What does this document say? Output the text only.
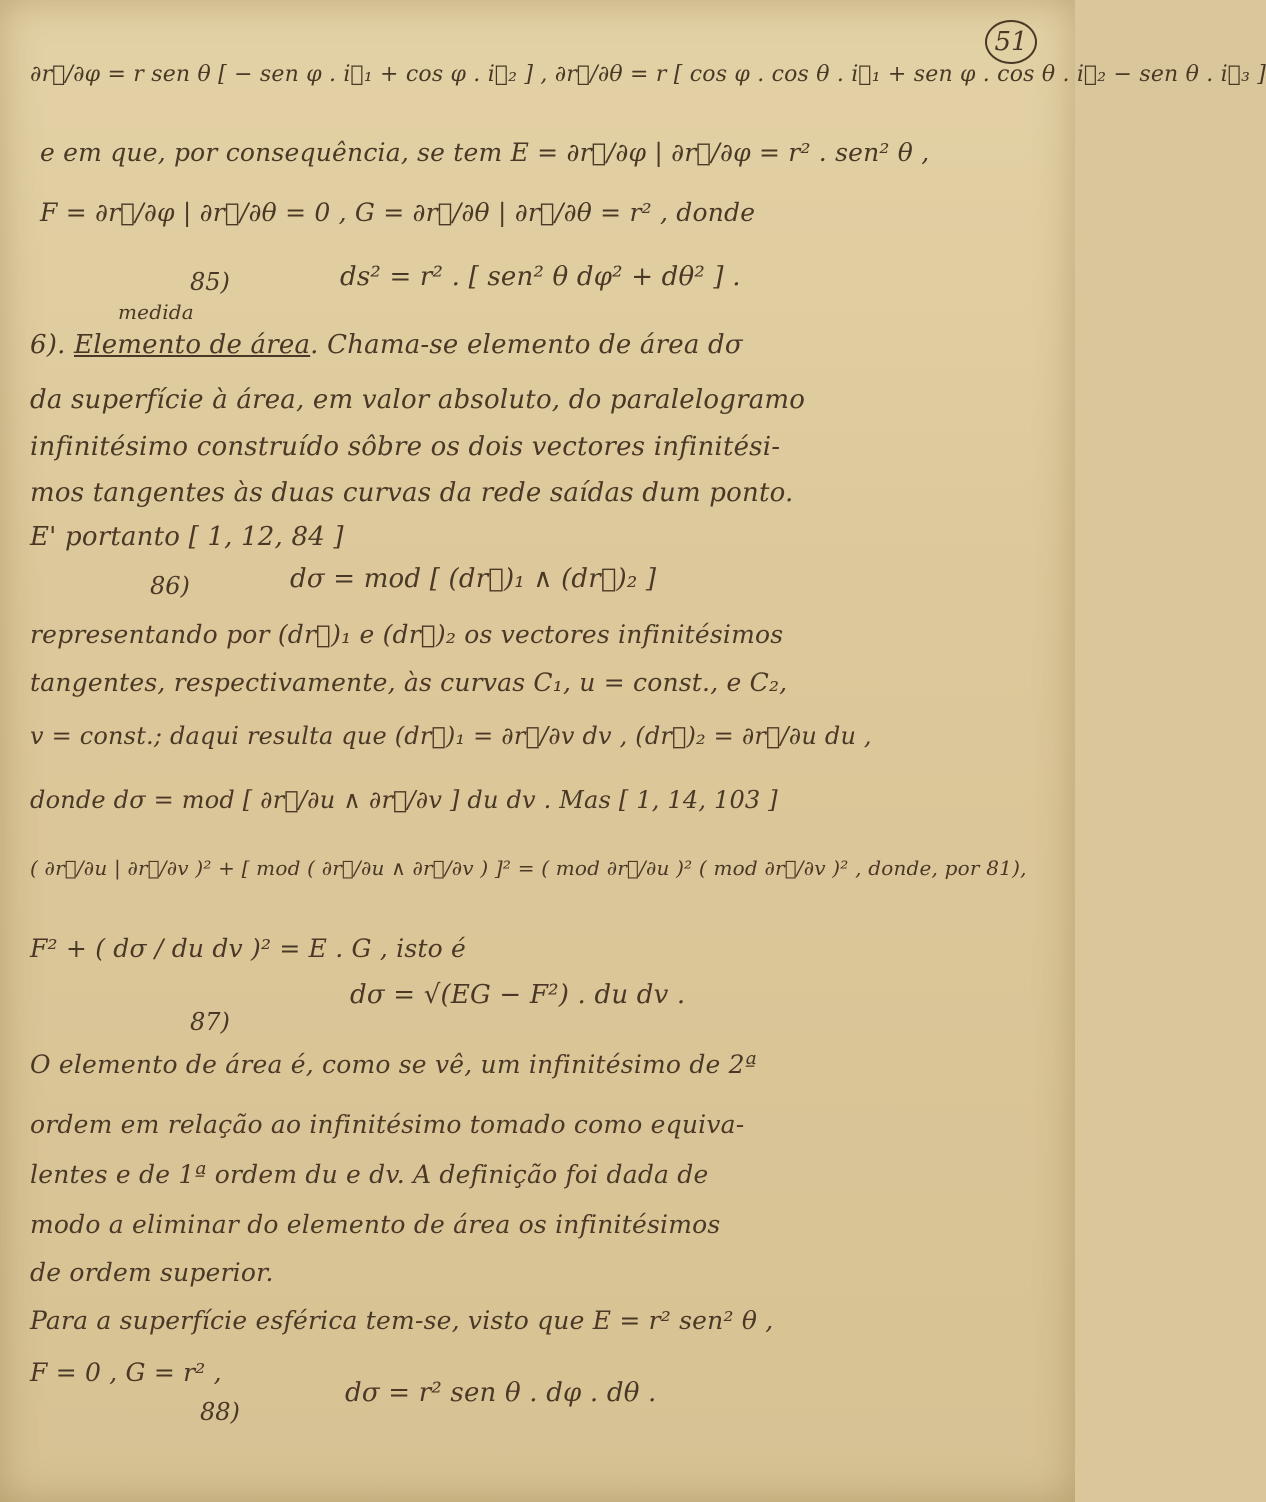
51
∂r⃗/∂φ = r sen θ [ − sen φ . i⃗₁ + cos φ . i⃗₂ ] , ∂r⃗/∂θ = r [ cos φ . cos θ . i⃗₁ + sen φ . cos θ . i⃗₂ − sen θ . i⃗₃ ]
e em que, por consequência, se tem E = ∂r⃗/∂φ | ∂r⃗/∂φ = r² . sen² θ ,
F = ∂r⃗/∂φ | ∂r⃗/∂θ = 0 , G = ∂r⃗/∂θ | ∂r⃗/∂θ = r² , donde
85)	ds² = r² . [ sen² θ dφ² + dθ² ] .
medida
6). Elemento de área. Chama-se elemento de área dσ
da superfície à área, em valor absoluto, do paralelogramo
infinitésimo construído sôbre os dois vectores infinitési-
mos tangentes às duas curvas da rede saídas dum ponto.
E' portanto [ 1, 12, 84 ]
86)	dσ = mod [ (dr⃗)₁ ∧ (dr⃗)₂ ]
representando por (dr⃗)₁ e (dr⃗)₂ os vectores infinitésimos
tangentes, respectivamente, às curvas C₁, u = const., e C₂,
v = const.; daqui resulta que (dr⃗)₁ = ∂r⃗/∂v dv , (dr⃗)₂ = ∂r⃗/∂u du ,
donde dσ = mod [ ∂r⃗/∂u ∧ ∂r⃗/∂v ] du dv . Mas [ 1, 14, 103 ]
( ∂r⃗/∂u | ∂r⃗/∂v )² + [ mod ( ∂r⃗/∂u ∧ ∂r⃗/∂v ) ]² = ( mod ∂r⃗/∂u )² ( mod ∂r⃗/∂v )² , donde, por 81),
F² + ( dσ / du dv )² = E . G , isto é
87)
dσ = √(EG − F²) . du dv .
O elemento de área é, como se vê, um infinitésimo de 2ª
ordem em relação ao infinitésimo tomado como equiva-
lentes e de 1ª ordem du e dv. A definição foi dada de
modo a eliminar do elemento de área os infinitésimos
de ordem superior.
Para a superfície esférica tem-se, visto que E = r² sen² θ ,
F = 0 , G = r² ,
88)
dσ = r² sen θ . dφ . dθ .
